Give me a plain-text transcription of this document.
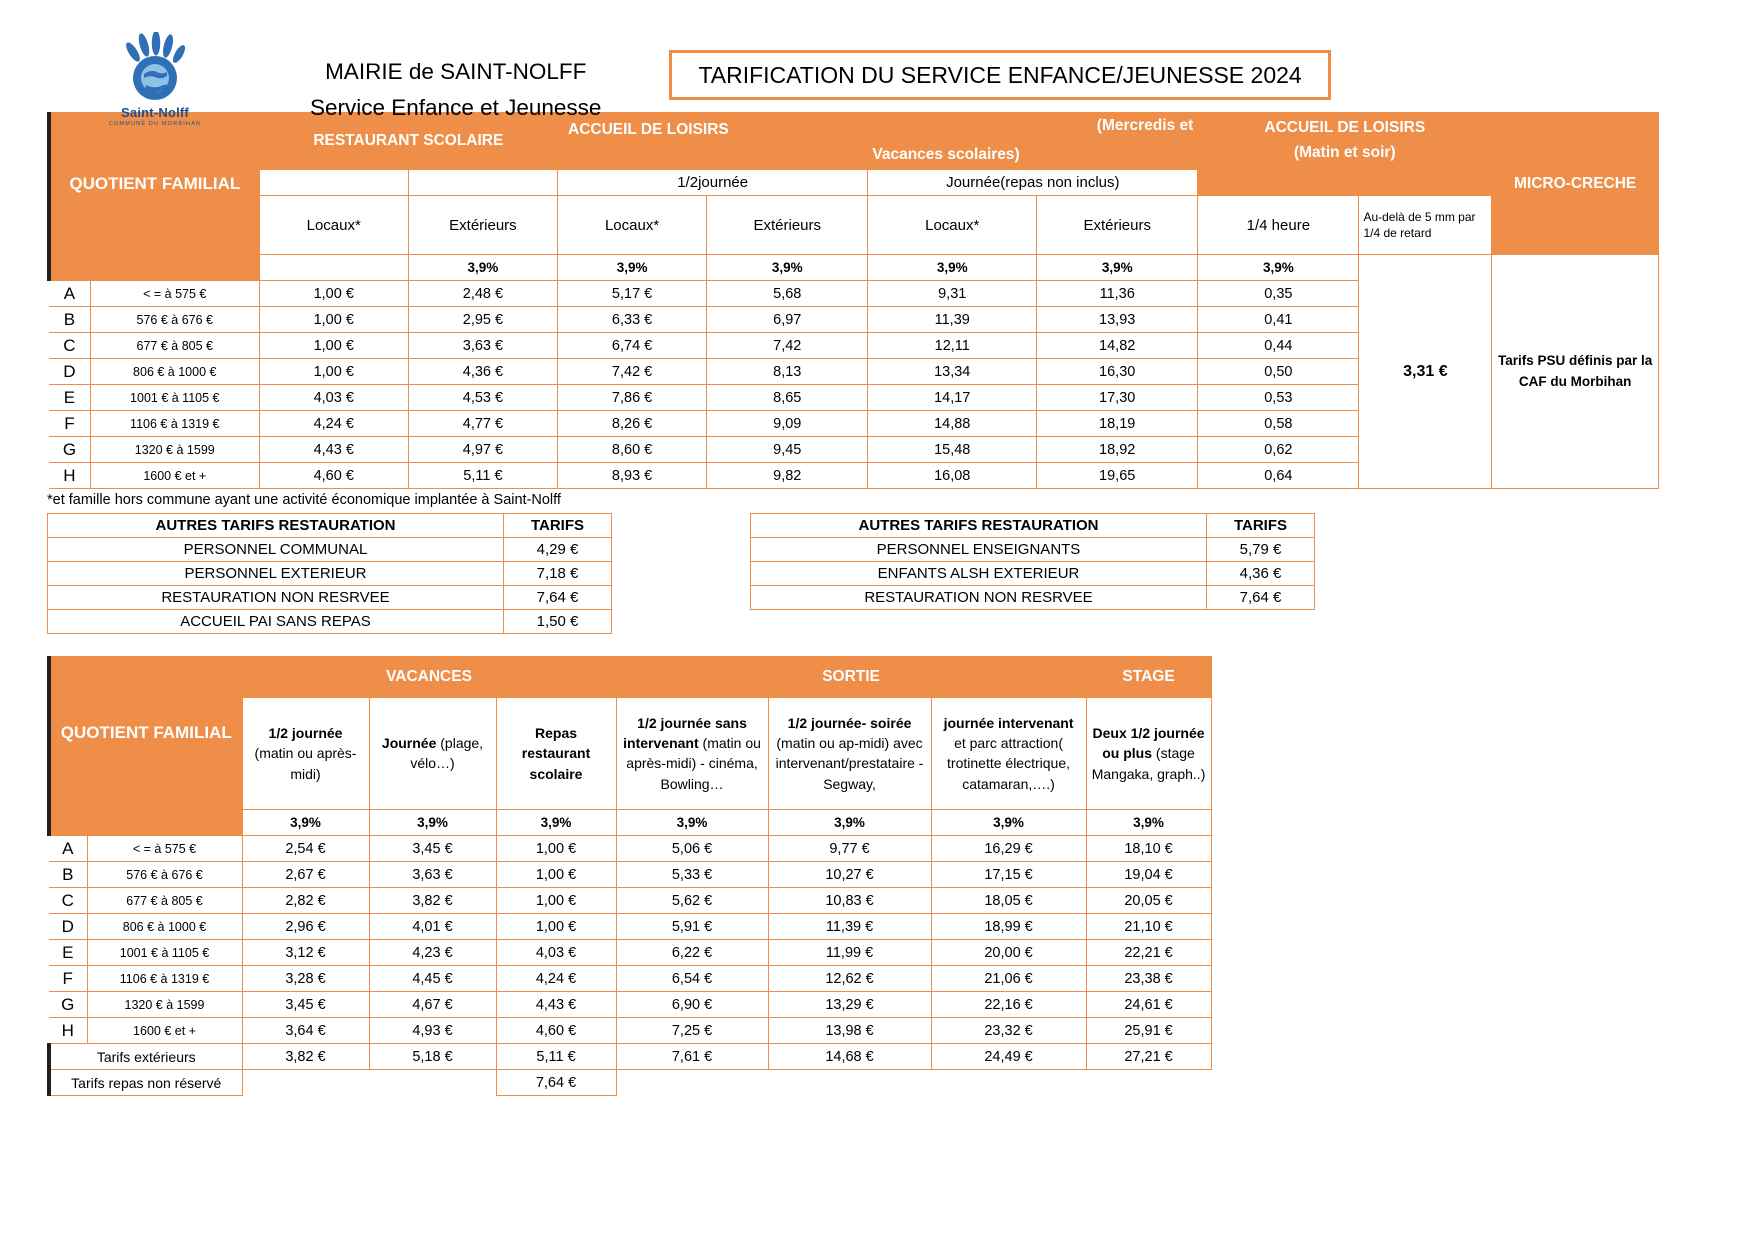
Saint-Nolff
COMMUNE DU MORBIHAN
MAIRIE de SAINT-NOLFF
Service Enfance et Jeunesse
TARIFICATION DU SERVICE ENFANCE/JEUNESSE 2024
QUOTIENT FAMILIAL		RESTAURANT SCOLAIRE		ACCUEIL DE LOISIRS		Vacances scolaires)	(Mercredis et	ACCUEIL DE LOISIRS
(Matin et soir)		MICRO-CRECHE
				1/2journée		Journée(repas non inclus)				
		Locaux*	Extérieurs	Locaux*	Extérieurs	Locaux*	Extérieurs	1/4 heure	Au-delà de 5 mm par 1/4 de retard	
			3,9%	3,9%	3,9%	3,9%	3,9%	3,9%	3,31 €	Tarifs PSU définis par la CAF du Morbihan
A	< = à 575 €	1,00 €	2,48 €	5,17 €	5,68	9,31	11,36	0,35		
B	576 € à 676 €	1,00 €	2,95 €	6,33 €	6,97	11,39	13,93	0,41		
C	677 € à 805 €	1,00 €	3,63 €	6,74 €	7,42	12,11	14,82	0,44		
D	806 € à 1000 €	1,00 €	4,36 €	7,42 €	8,13	13,34	16,30	0,50		
E	1001 € à 1105 €	4,03 €	4,53 €	7,86 €	8,65	14,17	17,30	0,53		
F	1106 € à 1319 €	4,24 €	4,77 €	8,26 €	9,09	14,88	18,19	0,58		
G	1320 € à 1599	4,43 €	4,97 €	8,60 €	9,45	15,48	18,92	0,62		
H	1600 € et +	4,60 €	5,11 €	8,93 €	9,82	16,08	19,65	0,64		
*et famille hors commune ayant une activité économique implantée à Saint-Nolff
AUTRES TARIFS RESTAURATION	TARIFS
PERSONNEL COMMUNAL	4,29 €
PERSONNEL EXTERIEUR	7,18 €
RESTAURATION NON RESRVEE	7,64 €
ACCUEIL PAI SANS REPAS	1,50 €
AUTRES TARIFS RESTAURATION	TARIFS
PERSONNEL ENSEIGNANTS	5,79 €
ENFANTS ALSH EXTERIEUR	4,36 €
RESTAURATION NON RESRVEE	7,64 €
QUOTIENT FAMILIAL		VACANCES			SORTIE			STAGE
		1/2 journée (matin ou après-midi)	Journée (plage, vélo…)	Repas restaurant scolaire	1/2 journée sans intervenant (matin ou après-midi) - cinéma, Bowling…	1/2 journée- soirée (matin ou ap-midi) avec intervenant/prestataire - Segway,	journée intervenant et parc attraction( trotinette électrique, catamaran,….)	Deux 1/2 journée ou plus (stage Mangaka, graph..)
		3,9%	3,9%	3,9%	3,9%	3,9%	3,9%	3,9%
A	< = à 575 €	2,54 €	3,45 €	1,00 €	5,06 €	9,77 €	16,29 €	18,10 €
B	576 € à 676 €	2,67 €	3,63 €	1,00 €	5,33 €	10,27 €	17,15 €	19,04 €
C	677 € à 805 €	2,82 €	3,82 €	1,00 €	5,62 €	10,83 €	18,05 €	20,05 €
D	806 € à 1000 €	2,96 €	4,01 €	1,00 €	5,91 €	11,39 €	18,99 €	21,10 €
E	1001 € à 1105 €	3,12 €	4,23 €	4,03 €	6,22 €	11,99 €	20,00 €	22,21 €
F	1106 € à 1319 €	3,28 €	4,45 €	4,24 €	6,54 €	12,62 €	21,06 €	23,38 €
G	1320 € à 1599	3,45 €	4,67 €	4,43 €	6,90 €	13,29 €	22,16 €	24,61 €
H	1600 € et +	3,64 €	4,93 €	4,60 €	7,25 €	13,98 €	23,32 €	25,91 €
Tarifs extérieurs		3,82 €	5,18 €	5,11 €	7,61 €	14,68 €	24,49 €	27,21 €
Tarifs repas non réservé				7,64 €				
